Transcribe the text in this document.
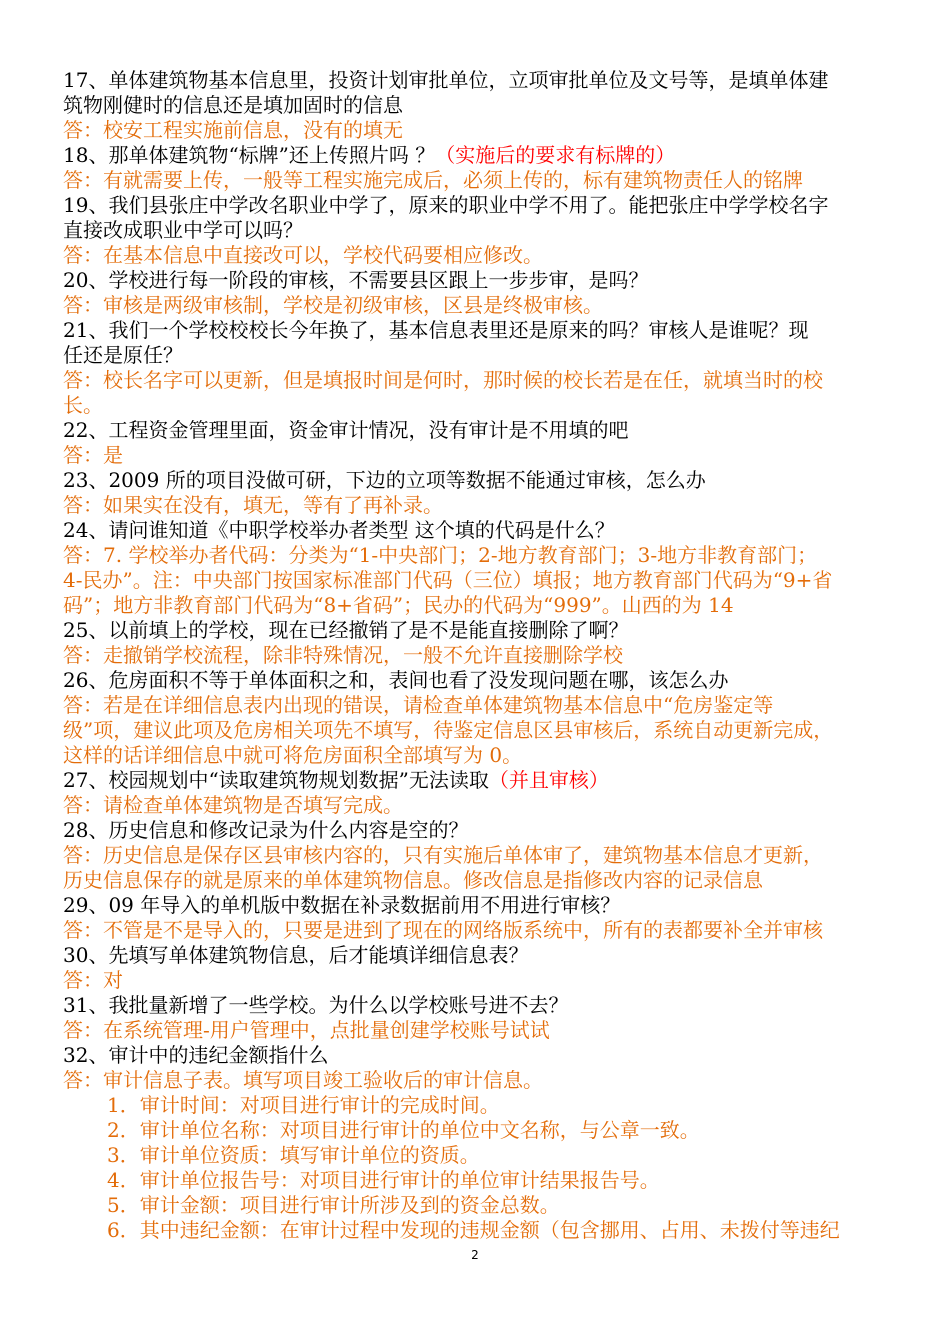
17、单体建筑物基本信息里，投资计划审批单位，立项审批单位及文号等，是填单体建
筑物刚健时的信息还是填加固时的信息
答：校安工程实施前信息，没有的填无
18、那单体建筑物“标牌”还上传照片吗 ？（实施后的要求有标牌的）
答：有就需要上传，一般等工程实施完成后，必须上传的，标有建筑物责任人的铭牌
19、我们县张庄中学改名职业中学了，原来的职业中学不用了。能把张庄中学学校名字
直接改成职业中学可以吗？
答：在基本信息中直接改可以，学校代码要相应修改。
20、学校进行每一阶段的审核，不需要县区跟上一步步审，是吗？
答：审核是两级审核制，学校是初级审核，区县是终极审核。
21、我们一个学校校校长今年换了，基本信息表里还是原来的吗？审核人是谁呢？现
任还是原任？
答：校长名字可以更新，但是填报时间是何时，那时候的校长若是在任，就填当时的校
长。
22、工程资金管理里面，资金审计情况，没有审计是不用填的吧
答：是
23、2009 所的项目没做可研，下边的立项等数据不能通过审核，怎么办
答：如果实在没有，填无，等有了再补录。
24、请问谁知道《中职学校举办者类型 这个填的代码是什么？
答：7. 学校举办者代码：分类为“1-中央部门；2-地方教育部门；3-地方非教育部门；
4-民办”。注：中央部门按国家标准部门代码（三位）填报；地方教育部门代码为“9+省
码”；地方非教育部门代码为“8+省码”；民办的代码为“999”。山西的为 14
25、以前填上的学校，现在已经撤销了是不是能直接删除了啊？
答：走撤销学校流程，除非特殊情况，一般不允许直接删除学校
26、危房面积不等于单体面积之和，表间也看了没发现问题在哪，该怎么办
答：若是在详细信息表内出现的错误，请检查单体建筑物基本信息中“危房鉴定等
级”项，建议此项及危房相关项先不填写，待鉴定信息区县审核后，系统自动更新完成，
这样的话详细信息中就可将危房面积全部填写为 0。
27、校园规划中“读取建筑物规划数据”无法读取（并且审核）
答：请检查单体建筑物是否填写完成。
28、历史信息和修改记录为什么内容是空的？
答：历史信息是保存区县审核内容的，只有实施后单体审了，建筑物基本信息才更新，
历史信息保存的就是原来的单体建筑物信息。修改信息是指修改内容的记录信息
29、09 年导入的单机版中数据在补录数据前用不用进行审核？
答：不管是不是导入的，只要是进到了现在的网络版系统中，所有的表都要补全并审核
30、先填写单体建筑物信息，后才能填详细信息表？
答：对
31、我批量新增了一些学校。为什么以学校账号进不去？
答：在系统管理-用户管理中，点批量创建学校账号试试
32、审计中的违纪金额指什么
答：审计信息子表。填写项目竣工验收后的审计信息。
1．审计时间：对项目进行审计的完成时间。
2．审计单位名称：对项目进行审计的单位中文名称，与公章一致。
3．审计单位资质：填写审计单位的资质。
4．审计单位报告号：对项目进行审计的单位审计结果报告号。
5．审计金额：项目进行审计所涉及到的资金总数。
6．其中违纪金额：在审计过程中发现的违规金额（包含挪用、占用、未拨付等违纪
2
